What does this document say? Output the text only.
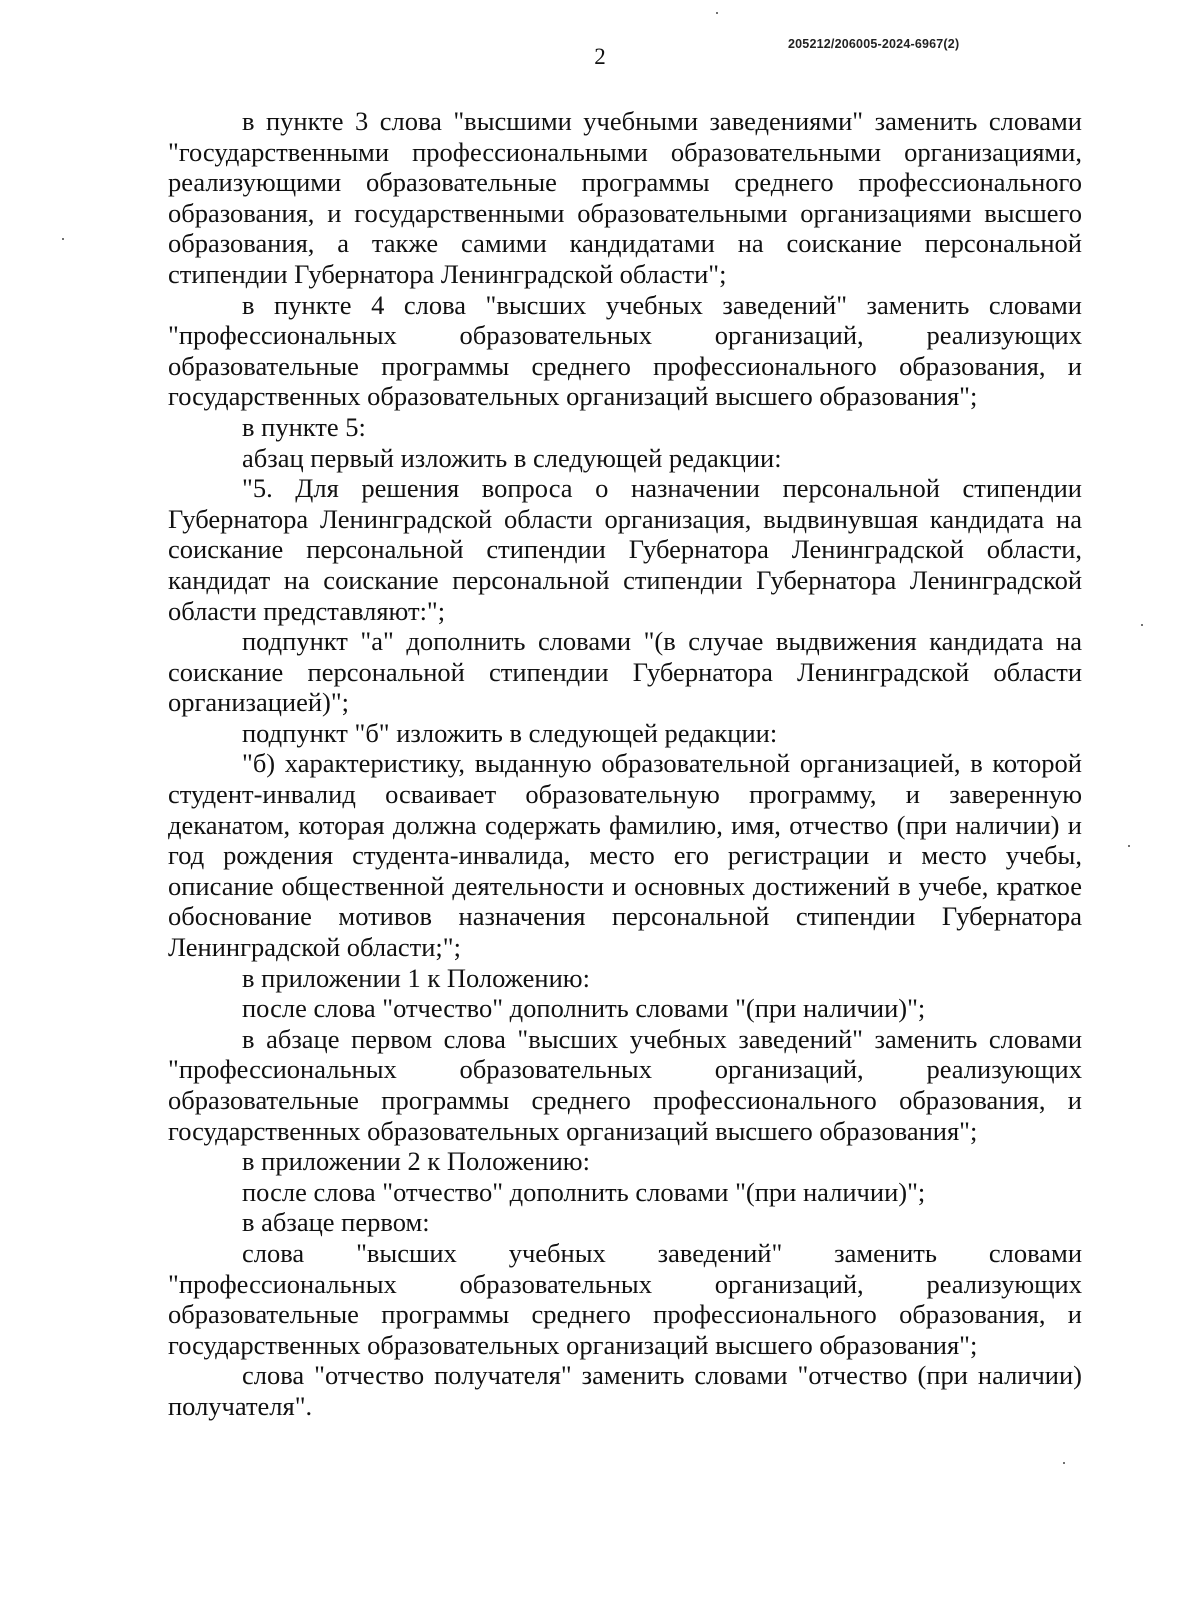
2	205212/206005-2024-6967(2)

в пункте 3 слова "высшими учебными заведениями" заменить словами "государственными профессиональными образовательными организациями, реализующими образовательные программы среднего профессионального образования, и государственными образовательными организациями высшего образования, а также самими кандидатами на соискание персональной стипендии Губернатора Ленинградской области";

в пункте 4 слова "высших учебных заведений" заменить словами "профессиональных образовательных организаций, реализующих образовательные программы среднего профессионального образования, и государственных образовательных организаций высшего образования";

в пункте 5:

абзац первый изложить в следующей редакции:

"5. Для решения вопроса о назначении персональной стипендии Губернатора Ленинградской области организация, выдвинувшая кандидата на соискание персональной стипендии Губернатора Ленинградской области, кандидат на соискание персональной стипендии Губернатора Ленинградской области представляют:";

подпункт "а" дополнить словами "(в случае выдвижения кандидата на соискание персональной стипендии Губернатора Ленинградской области организацией)";

подпункт "б" изложить в следующей редакции:

"б) характеристику, выданную образовательной организацией, в которой студент-инвалид осваивает образовательную программу, и заверенную деканатом, которая должна содержать фамилию, имя, отчество (при наличии) и год рождения студента-инвалида, место его регистрации и место учебы, описание общественной деятельности и основных достижений в учебе, краткое обоснование мотивов назначения персональной стипендии Губернатора Ленинградской области;";

в приложении 1 к Положению:

после слова "отчество" дополнить словами "(при наличии)";

в абзаце первом слова "высших учебных заведений" заменить словами "профессиональных образовательных организаций, реализующих образовательные программы среднего профессионального образования, и государственных образовательных организаций высшего образования";

в приложении 2 к Положению:

после слова "отчество" дополнить словами "(при наличии)";

в абзаце первом:

слова "высших учебных заведений" заменить словами "профессиональных образовательных организаций, реализующих образовательные программы среднего профессионального образования, и государственных образовательных организаций высшего образования";

слова "отчество получателя" заменить словами "отчество (при наличии) получателя".
